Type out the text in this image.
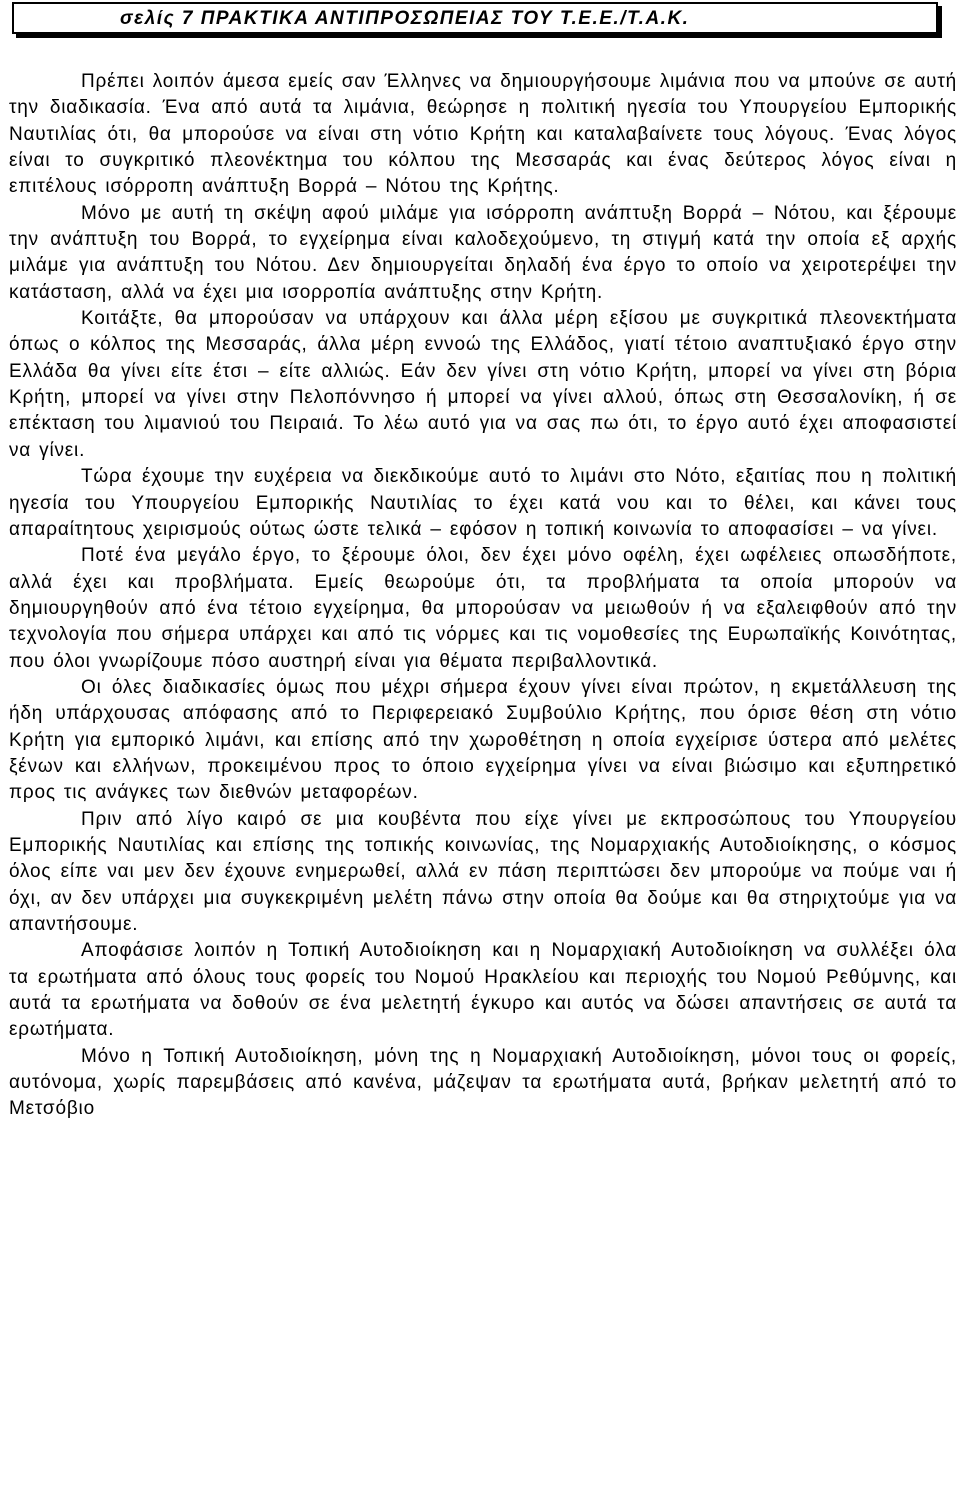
σελίς 7 ΠΡΑΚΤΙΚΑ ΑΝΤΙΠΡΟΣΩΠΕΙΑΣ ΤΟΥ Τ.Ε.Ε./Τ.Α.Κ.

Πρέπει λοιπόν άμεσα εμείς σαν Έλληνες να δημιουργήσουμε λιμάνια που να μπούνε σε αυτή την διαδικασία. Ένα από αυτά τα λιμάνια, θεώρησε η πολιτική ηγεσία του Υπουργείου Εμπορικής Ναυτιλίας ότι, θα μπορούσε να είναι στη νότιο Κρήτη και καταλαβαίνετε τους λόγους. Ένας λόγος είναι το συγκριτικό πλεονέκτημα του κόλπου της Μεσσαράς και ένας δεύτερος λόγος είναι η επιτέλους ισόρροπη ανάπτυξη Βορρά – Νότου της Κρήτης.

Μόνο με αυτή τη σκέψη αφού μιλάμε για ισόρροπη ανάπτυξη Βορρά – Νότου, και ξέρουμε την ανάπτυξη του Βορρά, το εγχείρημα είναι καλοδεχούμενο, τη στιγμή κατά την οποία εξ αρχής μιλάμε για ανάπτυξη του Νότου. Δεν δημιουργείται δηλαδή ένα έργο το οποίο να χειροτερέψει την κατάσταση, αλλά να έχει μια ισορροπία ανάπτυξης στην Κρήτη.

Κοιτάξτε, θα μπορούσαν να υπάρχουν και άλλα μέρη εξίσου με συγκριτικά πλεονεκτήματα όπως ο κόλπος της Μεσσαράς, άλλα μέρη εννοώ της Ελλάδος, γιατί τέτοιο αναπτυξιακό έργο στην Ελλάδα θα γίνει είτε έτσι – είτε αλλιώς. Εάν δεν γίνει στη νότιο Κρήτη, μπορεί να γίνει στη βόρια Κρήτη, μπορεί να γίνει στην Πελοπόννησο ή μπορεί να γίνει αλλού, όπως στη Θεσσαλονίκη, ή σε επέκταση του λιμανιού του Πειραιά. Το λέω αυτό για να σας πω ότι, το έργο αυτό έχει αποφασιστεί να γίνει.

Τώρα έχουμε την ευχέρεια να διεκδικούμε αυτό το λιμάνι στο Νότο, εξαιτίας που η πολιτική ηγεσία του Υπουργείου Εμπορικής Ναυτιλίας το έχει κατά νου και το θέλει, και κάνει τους απαραίτητους χειρισμούς ούτως ώστε τελικά – εφόσον η τοπική κοινωνία το αποφασίσει – να γίνει.

Ποτέ ένα μεγάλο έργο, το ξέρουμε όλοι, δεν έχει μόνο οφέλη, έχει ωφέλειες οπωσδήποτε, αλλά έχει και προβλήματα. Εμείς θεωρούμε ότι, τα προβλήματα τα οποία μπορούν να δημιουργηθούν από ένα τέτοιο εγχείρημα, θα μπορούσαν να μειωθούν ή να εξαλειφθούν από την τεχνολογία που σήμερα υπάρχει και από τις νόρμες και τις νομοθεσίες της Ευρωπαϊκής Κοινότητας, που όλοι γνωρίζουμε πόσο αυστηρή είναι για θέματα περιβαλλοντικά.

Οι όλες διαδικασίες όμως που μέχρι σήμερα έχουν γίνει είναι πρώτον, η εκμετάλλευση της ήδη υπάρχουσας απόφασης από το Περιφερειακό Συμβούλιο Κρήτης, που όρισε θέση στη νότιο Κρήτη για εμπορικό λιμάνι, και επίσης από την χωροθέτηση η οποία εγχείρισε ύστερα από μελέτες ξένων και ελλήνων, προκειμένου προς το όποιο εγχείρημα γίνει να είναι βιώσιμο και εξυπηρετικό προς τις ανάγκες των διεθνών μεταφορέων.

Πριν από λίγο καιρό σε μια κουβέντα που είχε γίνει με εκπροσώπους του Υπουργείου Εμπορικής Ναυτιλίας και επίσης της τοπικής κοινωνίας, της Νομαρχιακής Αυτοδιοίκησης, ο κόσμος όλος είπε ναι μεν δεν έχουνε ενημερωθεί, αλλά εν πάση περιπτώσει δεν μπορούμε να πούμε ναι ή όχι, αν δεν υπάρχει μια συγκεκριμένη μελέτη πάνω στην οποία θα δούμε και θα στηριχτούμε για να απαντήσουμε.

Αποφάσισε λοιπόν η Τοπική Αυτοδιοίκηση και η Νομαρχιακή Αυτοδιοίκηση να συλλέξει όλα τα ερωτήματα από όλους τους φορείς του Νομού Ηρακλείου και περιοχής του Νομού Ρεθύμνης, και αυτά τα ερωτήματα να δοθούν σε ένα μελετητή έγκυρο και αυτός να δώσει απαντήσεις σε αυτά τα ερωτήματα.

Μόνο η Τοπική Αυτοδιοίκηση, μόνη της η Νομαρχιακή Αυτοδιοίκηση, μόνοι τους οι φορείς, αυτόνομα, χωρίς παρεμβάσεις από κανένα, μάζεψαν τα ερωτήματα αυτά, βρήκαν μελετητή από το Μετσόβιο
